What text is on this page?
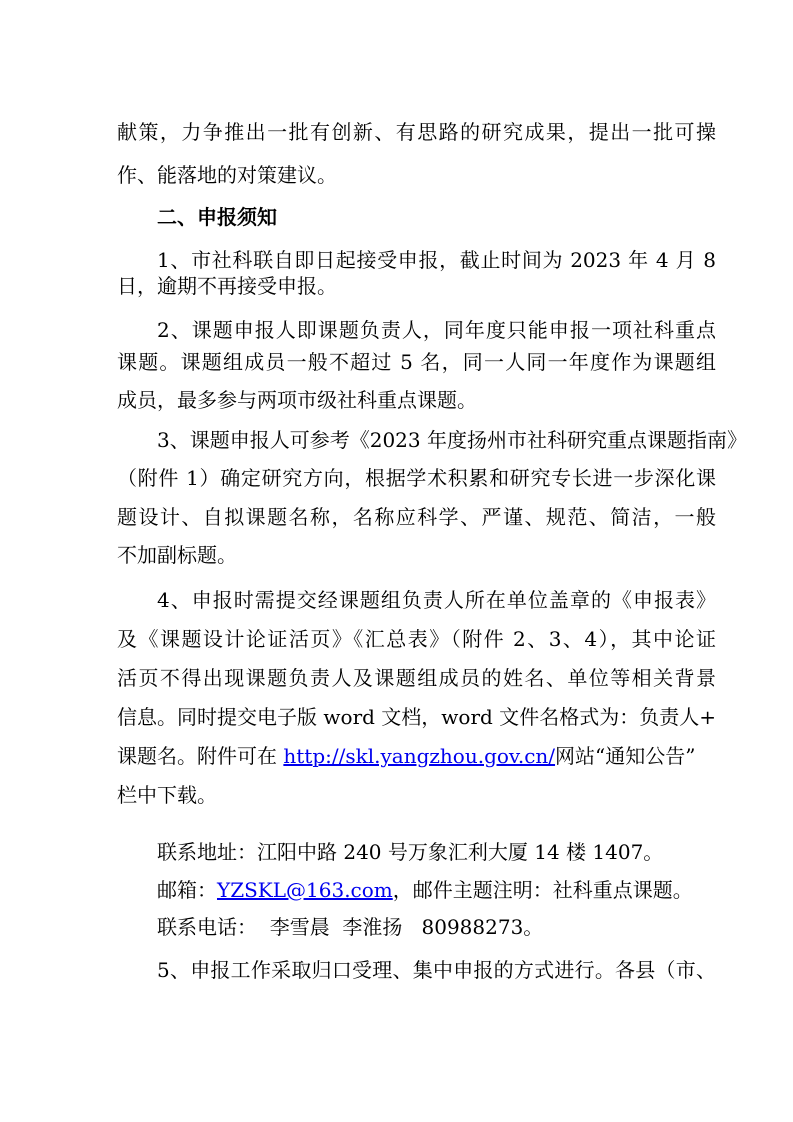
献策，力争推出一批有创新、有思路的研究成果，提出一批可操
作、能落地的对策建议。
二、申报须知
1、市社科联自即日起接受申报，截止时间为 2023 年 4 月 8
日，逾期不再接受申报。
2、课题申报人即课题负责人，同年度只能申报一项社科重点
课题。课题组成员一般不超过 5 名，同一人同一年度作为课题组
成员，最多参与两项市级社科重点课题。
3、课题申报人可参考《2023 年度扬州市社科研究重点课题指南》
（附件 1）确定研究方向，根据学术积累和研究专长进一步深化课
题设计、自拟课题名称，名称应科学、严谨、规范、简洁，一般
不加副标题。
4、申报时需提交经课题组负责人所在单位盖章的《申报表》
及《课题设计论证活页》《汇总表》（附件 2、3、4），其中论证
活页不得出现课题负责人及课题组成员的姓名、单位等相关背景
信息。同时提交电子版 word 文档，word 文件名格式为：负责人+
课题名。附件可在 http://skl.yangzhou.gov.cn/网站“通知公告”
栏中下载。
联系地址：江阳中路 240 号万象汇利大厦 14 楼 1407。
邮箱：YZSKL@163.com，邮件主题注明：社科重点课题。
联系电话：  李雪晨  李淮扬   80988273。
5、申报工作采取归口受理、集中申报的方式进行。各县（市、
